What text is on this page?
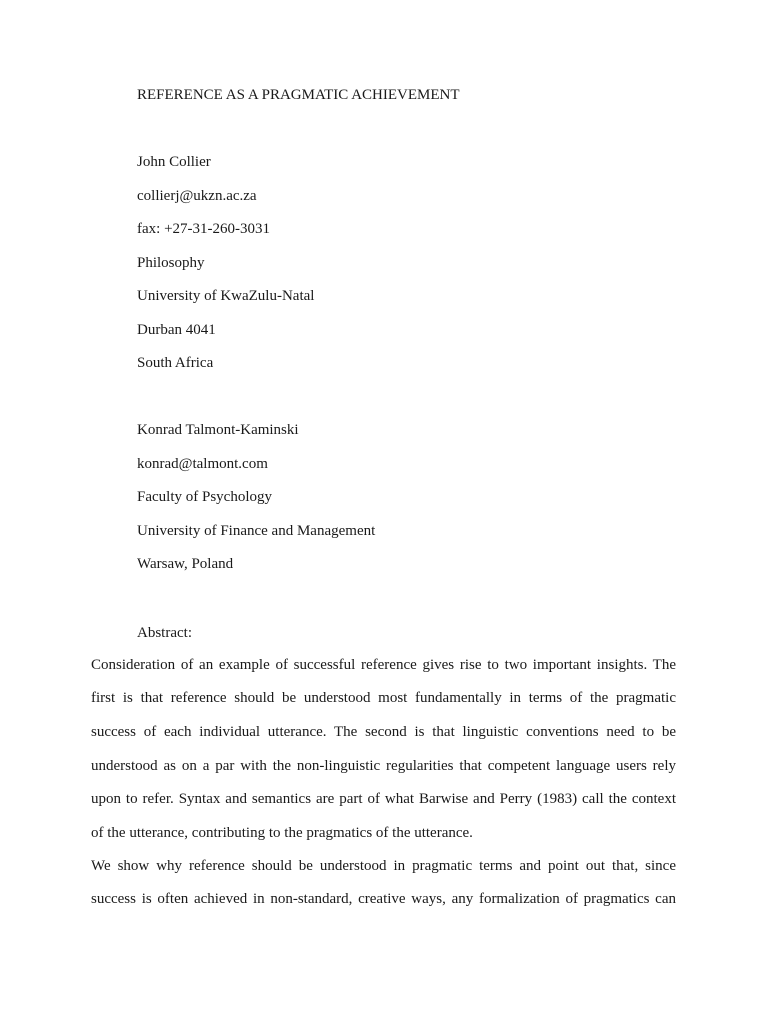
REFERENCE AS A PRAGMATIC ACHIEVEMENT
John Collier
collierj@ukzn.ac.za
fax: +27-31-260-3031
Philosophy
University of KwaZulu-Natal
Durban 4041
South Africa
Konrad Talmont-Kaminski
konrad@talmont.com
Faculty of Psychology
University of Finance and Management
Warsaw, Poland
Abstract:
Consideration of an example of successful reference gives rise to two important insights. The
first is that reference should be understood most fundamentally in terms of the pragmatic
success of each individual utterance. The second is that linguistic conventions need to be
understood as on a par with the non-linguistic regularities that competent language users rely
upon to refer. Syntax and semantics are part of what Barwise and Perry (1983) call the context
of the utterance, contributing to the pragmatics of the utterance.
We show why reference should be understood in pragmatic terms and point out that, since
success is often achieved in non-standard, creative ways, any formalization of pragmatics can
